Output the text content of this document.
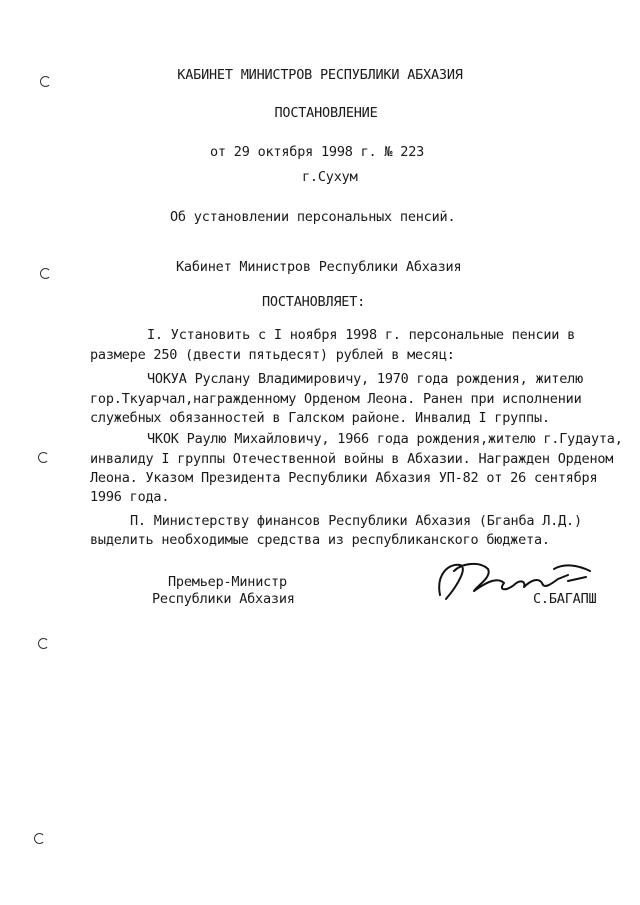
КАБИНЕТ МИНИСТРОВ РЕСПУБЛИКИ АБХАЗИЯ
ПОСТАНОВЛЕНИЕ
от 29 октября 1998 г. № 223
г.Сухум
Об установлении персональных пенсий.
Кабинет Министров Республики Абхазия
ПОСТАНОВЛЯЕТ:
I. Установить с I ноября 1998 г. персональные пенсии в
размере 250 (двести пятьдесят) рублей в месяц:
ЧОКУА Руслану Владимировичу, 1970 года рождения, жителю
гор.Ткуарчал,награжденному Орденом Леона. Ранен при исполнении
служебных обязанностей в Галском районе. Инвалид I группы.
ЧКОК Раулю Михайловичу, 1966 года рождения,жителю г.Гудаута,
инвалиду I группы Отечественной войны в Абхазии. Награжден Орденом
Леона. Указом Президента Республики Абхазия УП-82 от 26 сентября
1996 года.
П. Министерству финансов Республики Абхазия (Бганба Л.Д.)
выделить необходимые средства из республиканского бюджета.
Премьер-Министр
Республики Абхазия	С.БАГАПШ
